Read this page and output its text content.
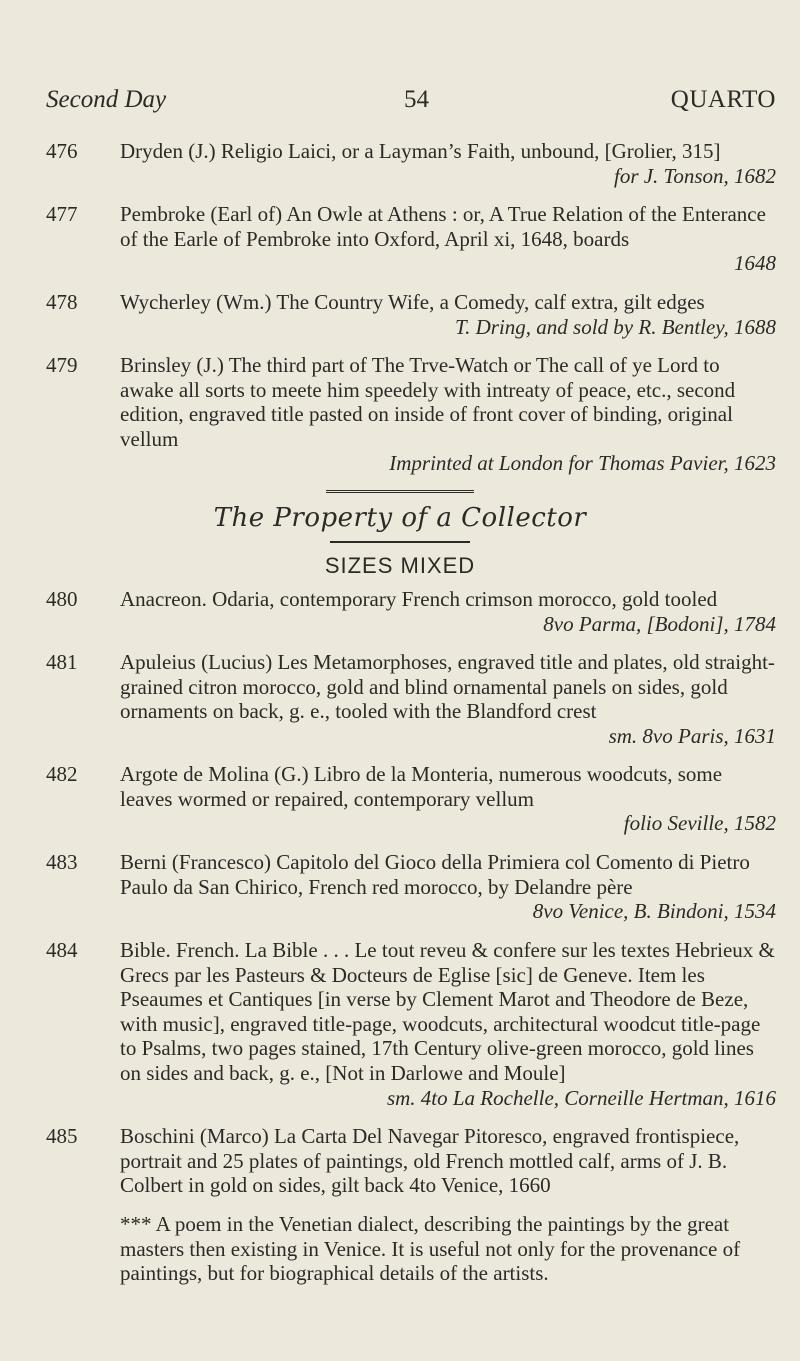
Second Day	54	QUARTO
476	Dryden (J.) Religio Laici, or a Layman’s Faith, unbound, [Grolier, 315]
for J. Tonson, 1682
477	Pembroke (Earl of) An Owle at Athens : or, A True Relation of the Enterance of the Earle of Pembroke into Oxford, April xi, 1648, boards
1648
478	Wycherley (Wm.) The Country Wife, a Comedy, calf extra, gilt edges
T. Dring, and sold by R. Bentley, 1688
479	Brinsley (J.) The third part of The Trve-Watch or The call of ye Lord to awake all sorts to meete him speedely with intreaty of peace, etc., second edition, engraved title pasted on inside of front cover of binding, original vellum
Imprinted at London for Thomas Pavier, 1623
The Property of a Collector
SIZES MIXED
480	Anacreon. Odaria, contemporary French crimson morocco, gold tooled
8vo Parma, [Bodoni], 1784
481	Apuleius (Lucius) Les Metamorphoses, engraved title and plates, old straight-grained citron morocco, gold and blind ornamental panels on sides, gold ornaments on back, g. e., tooled with the Blandford crest
sm. 8vo Paris, 1631
482	Argote de Molina (G.) Libro de la Monteria, numerous woodcuts, some leaves wormed or repaired, contemporary vellum
folio Seville, 1582
483	Berni (Francesco) Capitolo del Gioco della Primiera col Comento di Pietro Paulo da San Chirico, French red morocco, by Delandre père
8vo Venice, B. Bindoni, 1534
484	Bible. French. La Bible . . . Le tout reveu & confere sur les textes Hebrieux & Grecs par les Pasteurs & Docteurs de Eglise [sic] de Geneve. Item les Pseaumes et Cantiques [in verse by Clement Marot and Theodore de Beze, with music], engraved title-page, woodcuts, architectural woodcut title-page to Psalms, two pages stained, 17th Century olive-green morocco, gold lines on sides and back, g. e., [Not in Darlowe and Moule]
sm. 4to La Rochelle, Corneille Hertman, 1616
485	Boschini (Marco) La Carta Del Navegar Pitoresco, engraved frontispiece, portrait and 25 plates of paintings, old French mottled calf, arms of J. B. Colbert in gold on sides, gilt back 4to Venice, 1660
*** A poem in the Venetian dialect, describing the paintings by the great masters then existing in Venice. It is useful not only for the provenance of paintings, but for biographical details of the artists.
